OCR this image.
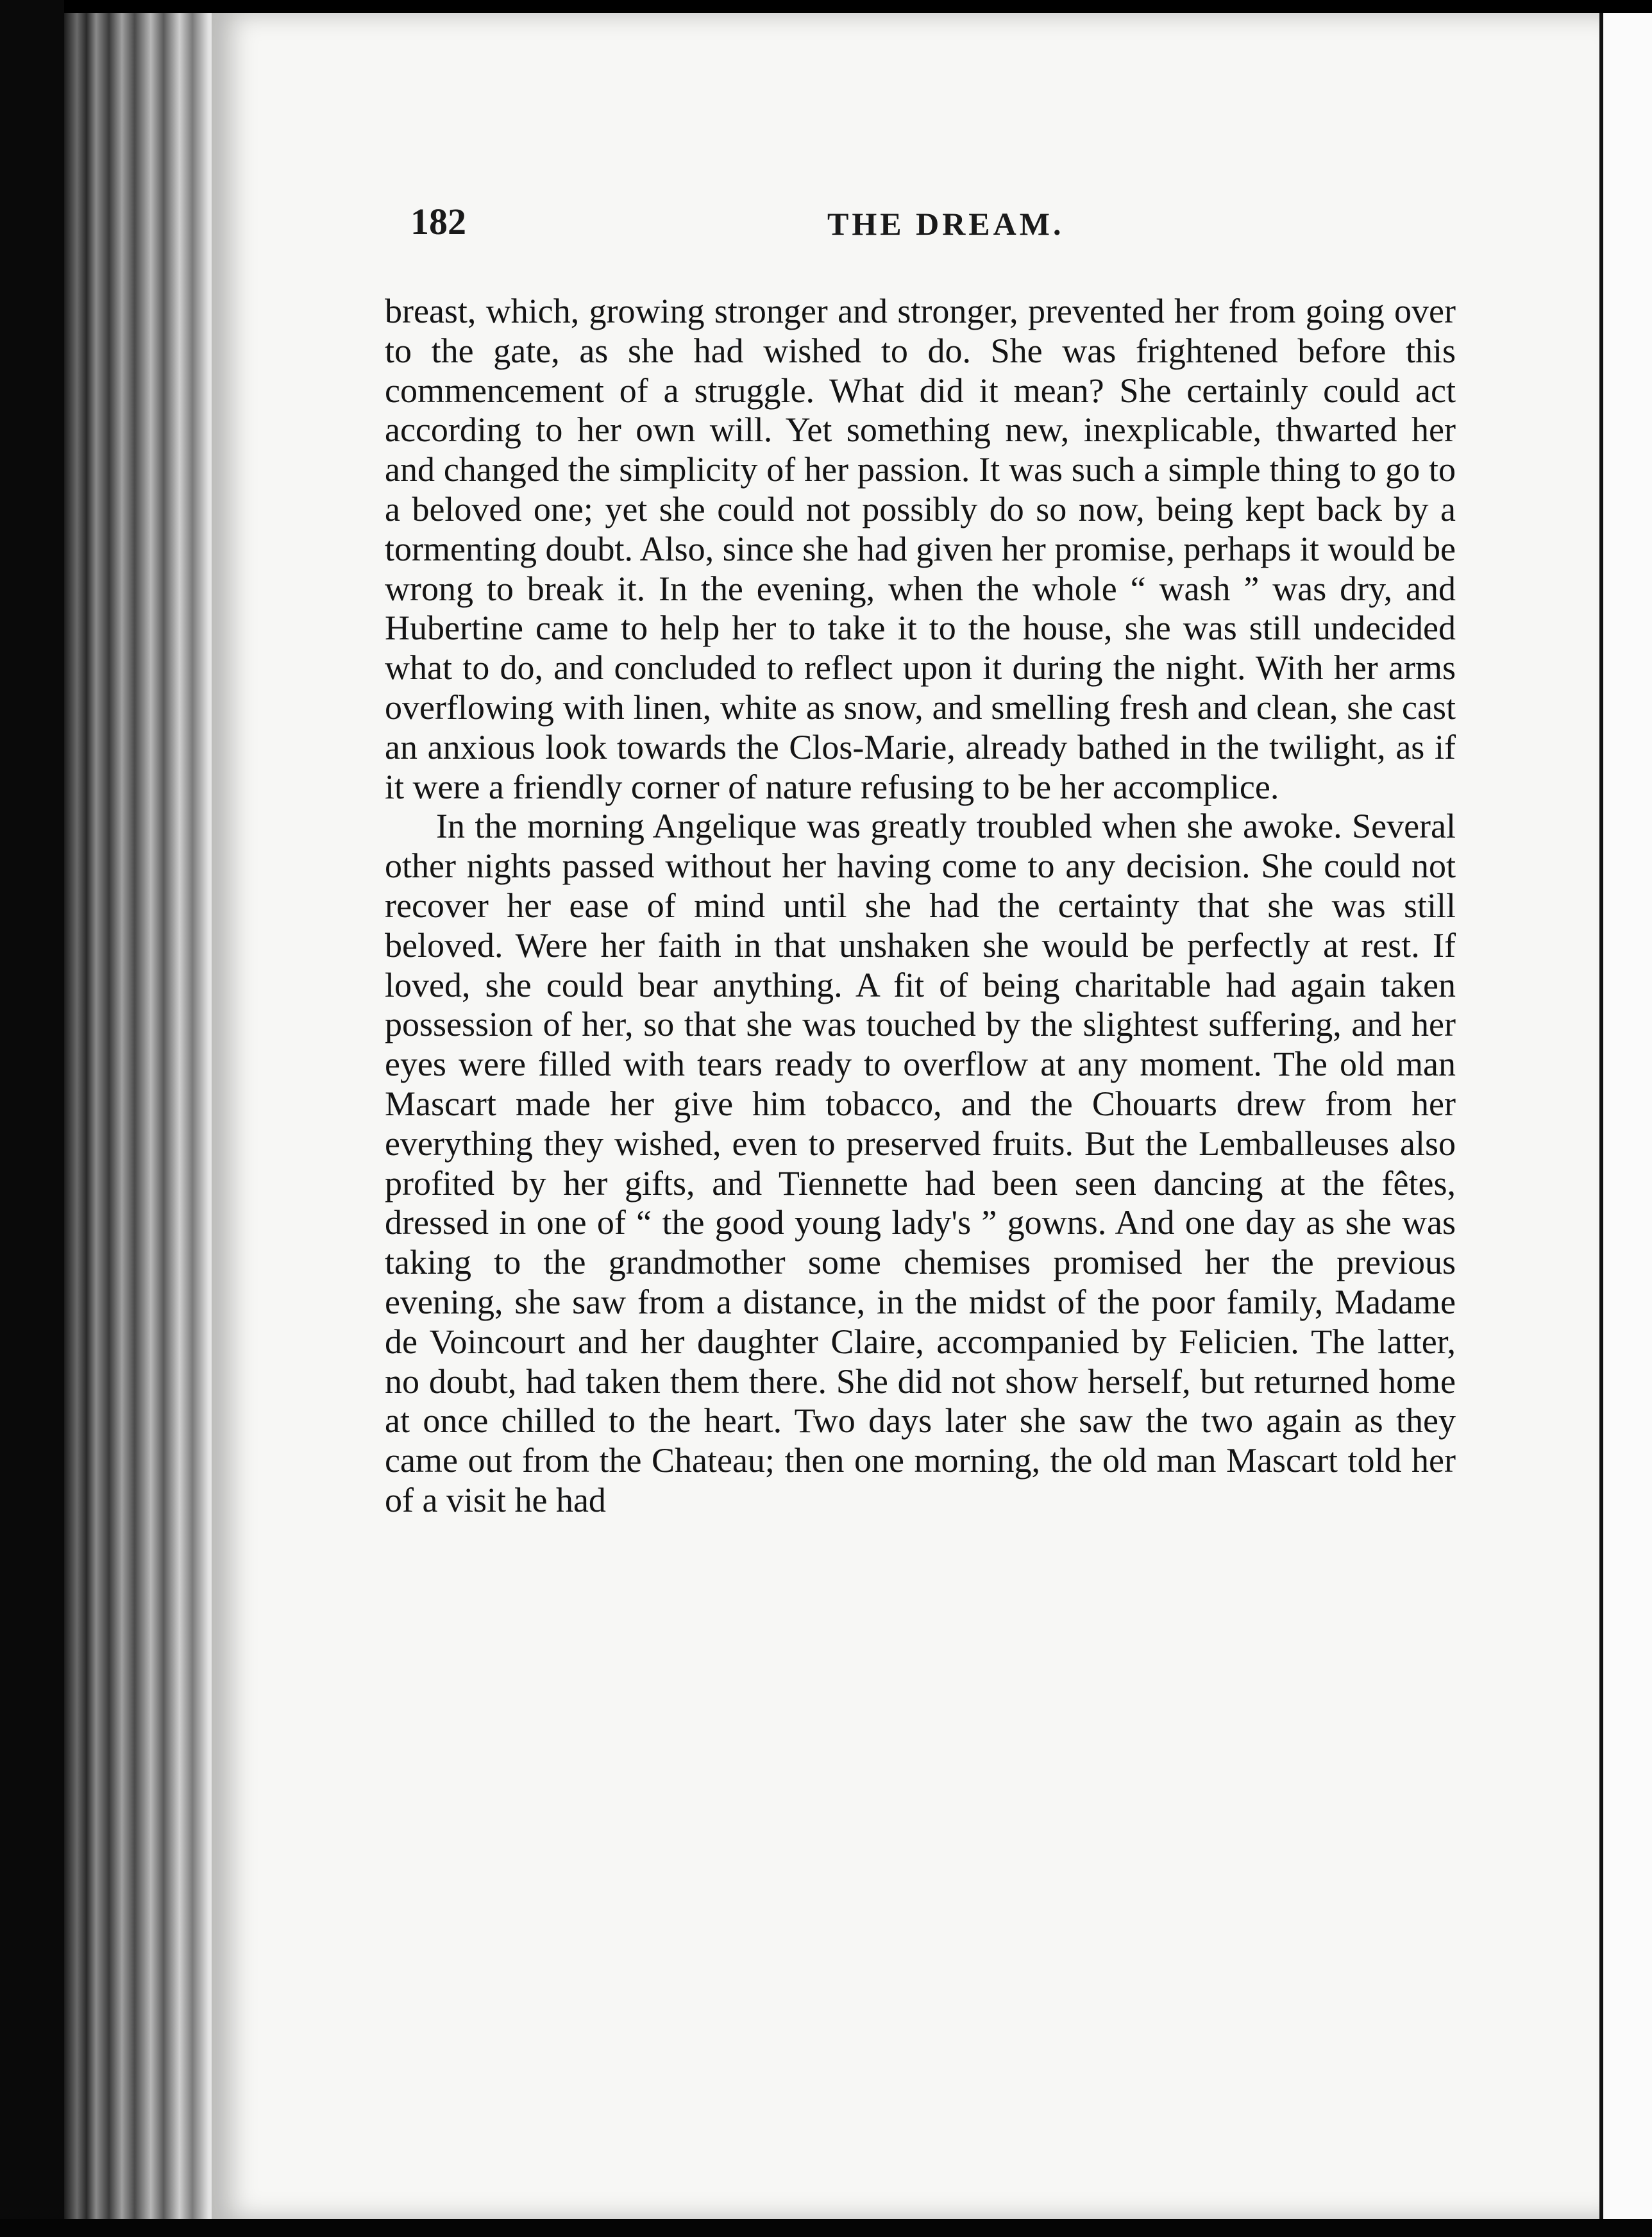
182	THE DREAM.

breast, which, growing stronger and stronger, prevented her from going over to the gate, as she had wished to do. She was frightened before this commencement of a struggle. What did it mean? She certainly could act according to her own will. Yet something new, inexplicable, thwarted her and changed the simplicity of her passion. It was such a simple thing to go to a beloved one; yet she could not possibly do so now, being kept back by a tormenting doubt. Also, since she had given her promise, perhaps it would be wrong to break it. In the evening, when the whole “ wash ” was dry, and Hubertine came to help her to take it to the house, she was still undecided what to do, and concluded to reflect upon it during the night. With her arms overflowing with linen, white as snow, and smelling fresh and clean, she cast an anxious look towards the Clos-Marie, already bathed in the twilight, as if it were a friendly corner of nature refusing to be her accomplice.

In the morning Angelique was greatly troubled when she awoke. Several other nights passed without her having come to any decision. She could not recover her ease of mind until she had the certainty that she was still beloved. Were her faith in that unshaken she would be perfectly at rest. If loved, she could bear anything. A fit of being charitable had again taken possession of her, so that she was touched by the slightest suffering, and her eyes were filled with tears ready to overflow at any moment. The old man Mascart made her give him tobacco, and the Chouarts drew from her everything they wished, even to preserved fruits. But the Lemballeuses also profited by her gifts, and Tiennette had been seen dancing at the fêtes, dressed in one of “ the good young lady's ” gowns. And one day as she was taking to the grandmother some chemises promised her the previous evening, she saw from a distance, in the midst of the poor family, Madame de Voincourt and her daughter Claire, accompanied by Felicien. The latter, no doubt, had taken them there. She did not show herself, but returned home at once chilled to the heart. Two days later she saw the two again as they came out from the Chateau; then one morning, the old man Mascart told her of a visit he had
